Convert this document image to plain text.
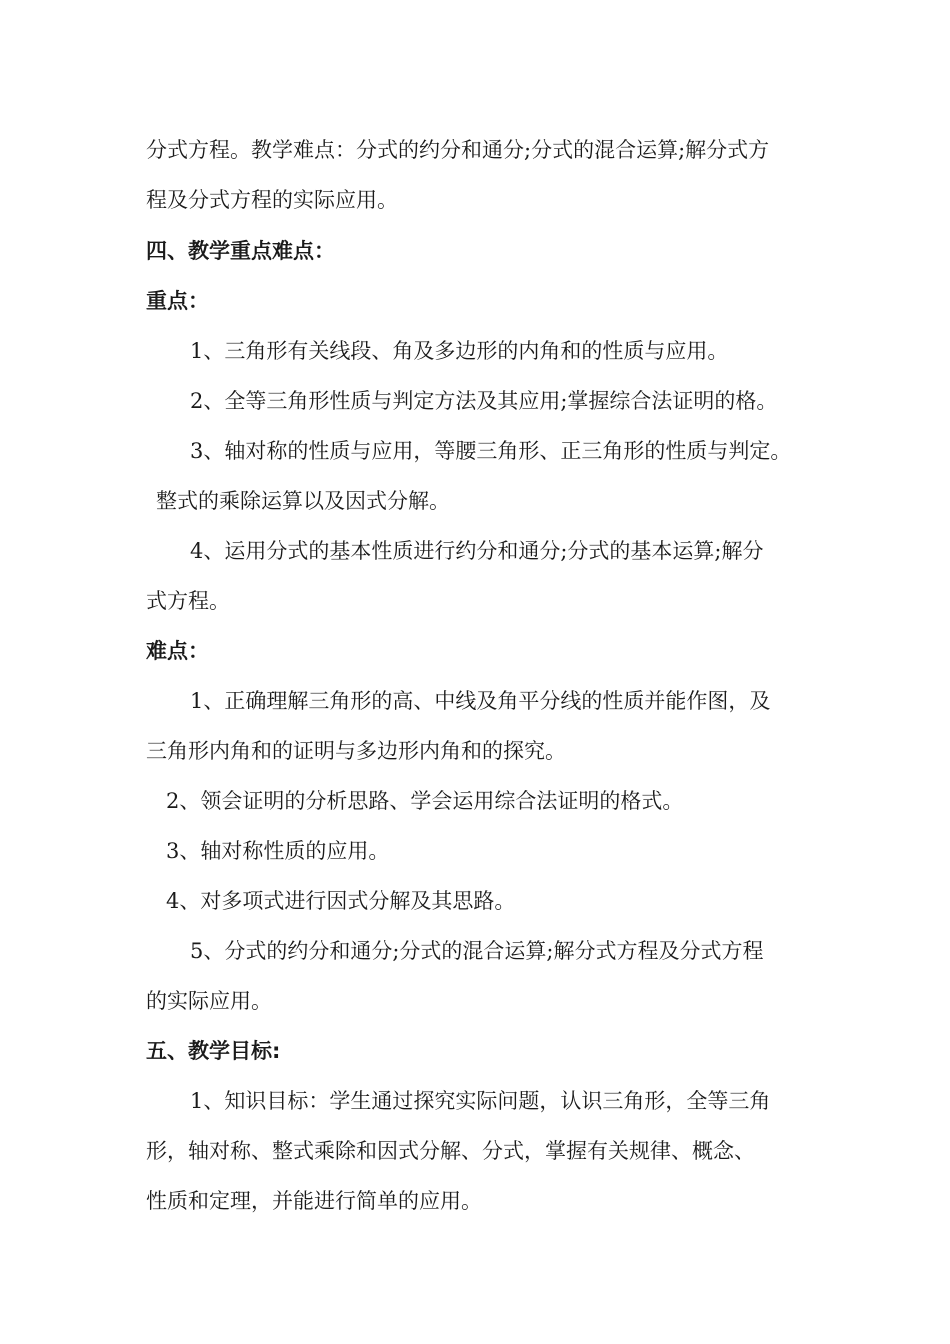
分式方程。教学难点：分式的约分和通分;分式的混合运算;解分式方
程及分式方程的实际应用。
四、教学重点难点：
重点：
1、三角形有关线段、角及多边形的内角和的性质与应用。
2、全等三角形性质与判定方法及其应用;掌握综合法证明的格。
3、轴对称的性质与应用，等腰三角形、正三角形的性质与判定。
整式的乘除运算以及因式分解。
4、运用分式的基本性质进行约分和通分;分式的基本运算;解分
式方程。
难点：
1、正确理解三角形的高、中线及角平分线的性质并能作图，及
三角形内角和的证明与多边形内角和的探究。
2、领会证明的分析思路、学会运用综合法证明的格式。
3、轴对称性质的应用。
4、对多项式进行因式分解及其思路。
5、分式的约分和通分;分式的混合运算;解分式方程及分式方程
的实际应用。
五、教学目标:
1、知识目标：学生通过探究实际问题，认识三角形，全等三角
形，轴对称、整式乘除和因式分解、分式，掌握有关规律、概念、
性质和定理，并能进行简单的应用。
